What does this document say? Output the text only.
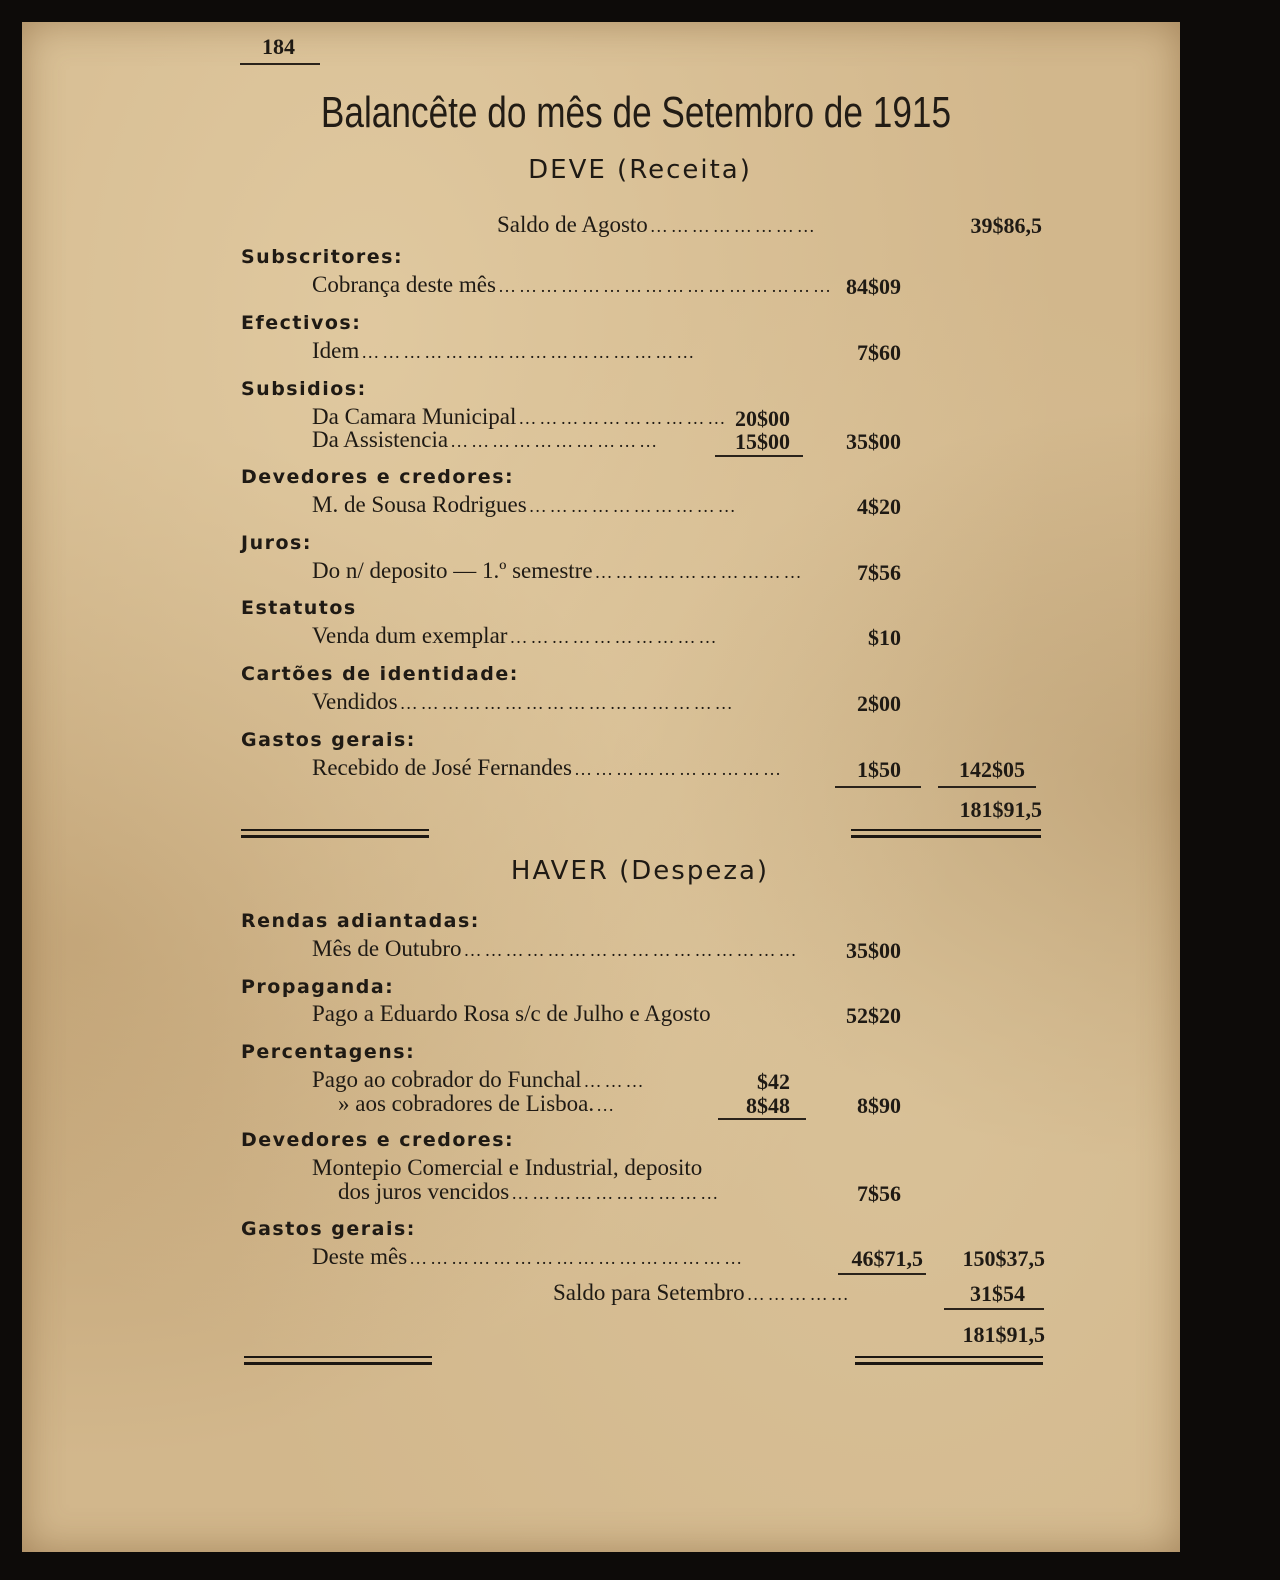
184
Balancête do mês de Setembro de 1915
DEVE (Receita)
Saldo de Agosto ……………………	39$86,5
Subscritores:
Cobrança deste mês ………………………………………… 84$09
Efectivos:
Idem …………………………………………	7$60
Subsidios:
Da Camara Municipal ………………………… 20$00
Da Assistencia …………………………	15$00	35$00
Devedores e credores:
M. de Sousa Rodrigues …………………………	4$20
Juros:
Do n/ deposito — 1.º semestre …………………………	7$56
Estatutos
Venda dum exemplar …………………………	$10
Cartões de identidade:
Vendidos …………………………………………	2$00
Gastos gerais:
Recebido de José Fernandes …………………………	1$50	142$05
181$91,5
HAVER (Despeza)
Rendas adiantadas:
Mês de Outubro …………………………………………	35$00
Propaganda:
Pago a Eduardo Rosa s/c de Julho e Agosto	52$20
Percentagens:
Pago ao cobrador do Funchal ………	$42
» aos cobradores de Lisboa. …	8$48	8$90
Devedores e credores:
Montepio Comercial e Industrial, deposito
dos juros vencidos …………………………	7$56
Gastos gerais:
Deste mês …………………………………………	46$71,5	150$37,5
Saldo para Setembro ……………	31$54
181$91,5
